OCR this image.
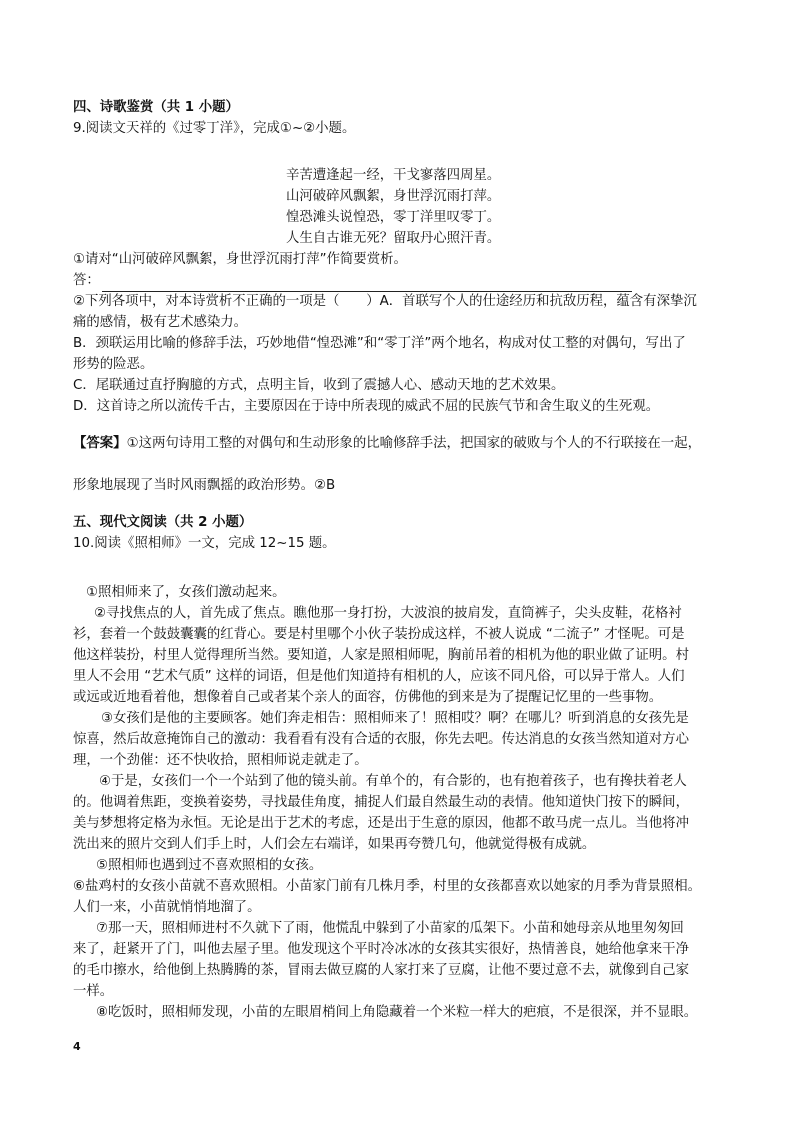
四、诗歌鉴赏（共 1 小题）

9.阅读文天祥的《过零丁洋》，完成①~②小题。

辛苦遭逢起一经，干戈寥落四周星。

山河破碎风飘絮，身世浮沉雨打萍。

惶恐滩头说惶恐，零丁洋里叹零丁。

人生自古谁无死？留取丹心照汗青。

①请对“山河破碎风飘絮，身世浮沉雨打萍”作简要赏析。

答：

②下列各项中，对本诗赏析不正确的一项是（　　）A．首联写个人的仕途经历和抗敌历程，蕴含有深挚沉

痛的感情，极有艺术感染力。

B．颈联运用比喻的修辞手法，巧妙地借“惶恐滩”和“零丁洋”两个地名，构成对仗工整的对偶句，写出了

形势的险恶。

C．尾联通过直抒胸臆的方式，点明主旨，收到了震撼人心、感动天地的艺术效果。

D．这首诗之所以流传千古，主要原因在于诗中所表现的威武不屈的民族气节和舍生取义的生死观。

【答案】①这两句诗用工整的对偶句和生动形象的比喻修辞手法，把国家的破败与个人的不行联接在一起，

形象地展现了当时风雨飘摇的政治形势。②B

五、现代文阅读（共 2 小题）

10.阅读《照相师》一文，完成 12~15 题。

①照相师来了，女孩们激动起来。

②寻找焦点的人，首先成了焦点。瞧他那一身打扮，大波浪的披肩发，直筒裤子，尖头皮鞋，花格衬

衫，套着一个鼓鼓囊囊的红背心。要是村里哪个小伙子装扮成这样，不被人说成 “二流子” 才怪呢。可是

他这样装扮，村里人觉得理所当然。要知道，人家是照相师呢，胸前吊着的相机为他的职业做了证明。村

里人不会用 “艺术气质” 这样的词语，但是他们知道持有相机的人，应该不同凡俗，可以异于常人。人们

或远或近地看着他，想像着自己或者某个亲人的面容，仿佛他的到来是为了提醒记忆里的一些事物。

③女孩们是他的主要顾客。她们奔走相告：照相师来了！照相哎？啊？在哪儿？听到消息的女孩先是

惊喜，然后故意掩饰自己的激动：我看看有没有合适的衣服，你先去吧。传达消息的女孩当然知道对方心

理，一个劲催：还不快收拾，照相师说走就走了。

④于是，女孩们一个一个站到了他的镜头前。有单个的，有合影的，也有抱着孩子，也有搀扶着老人

的。他调着焦距，变换着姿势，寻找最佳角度，捕捉人们最自然最生动的表情。他知道快门按下的瞬间，

美与梦想将定格为永恒。无论是出于艺术的考虑，还是出于生意的原因，他都不敢马虎一点儿。当他将冲

洗出来的照片交到人们手上时，人们会左右端详，如果再夸赞几句，他就觉得极有成就。

⑤照相师也遇到过不喜欢照相的女孩。

⑥盐鸡村的女孩小苗就不喜欢照相。小苗家门前有几株月季，村里的女孩都喜欢以她家的月季为背景照相。

人们一来，小苗就悄悄地溜了。

⑦那一天，照相师进村不久就下了雨，他慌乱中躲到了小苗家的瓜架下。小苗和她母亲从地里匆匆回

来了，赶紧开了门，叫他去屋子里。他发现这个平时冷冰冰的女孩其实很好，热情善良，她给他拿来干净

的毛巾擦水，给他倒上热腾腾的茶，冒雨去做豆腐的人家打来了豆腐，让他不要过意不去，就像到自己家

一样。

⑧吃饭时，照相师发现，小苗的左眼眉梢间上角隐藏着一个米粒一样大的疤痕，不是很深，并不显眼。

4
